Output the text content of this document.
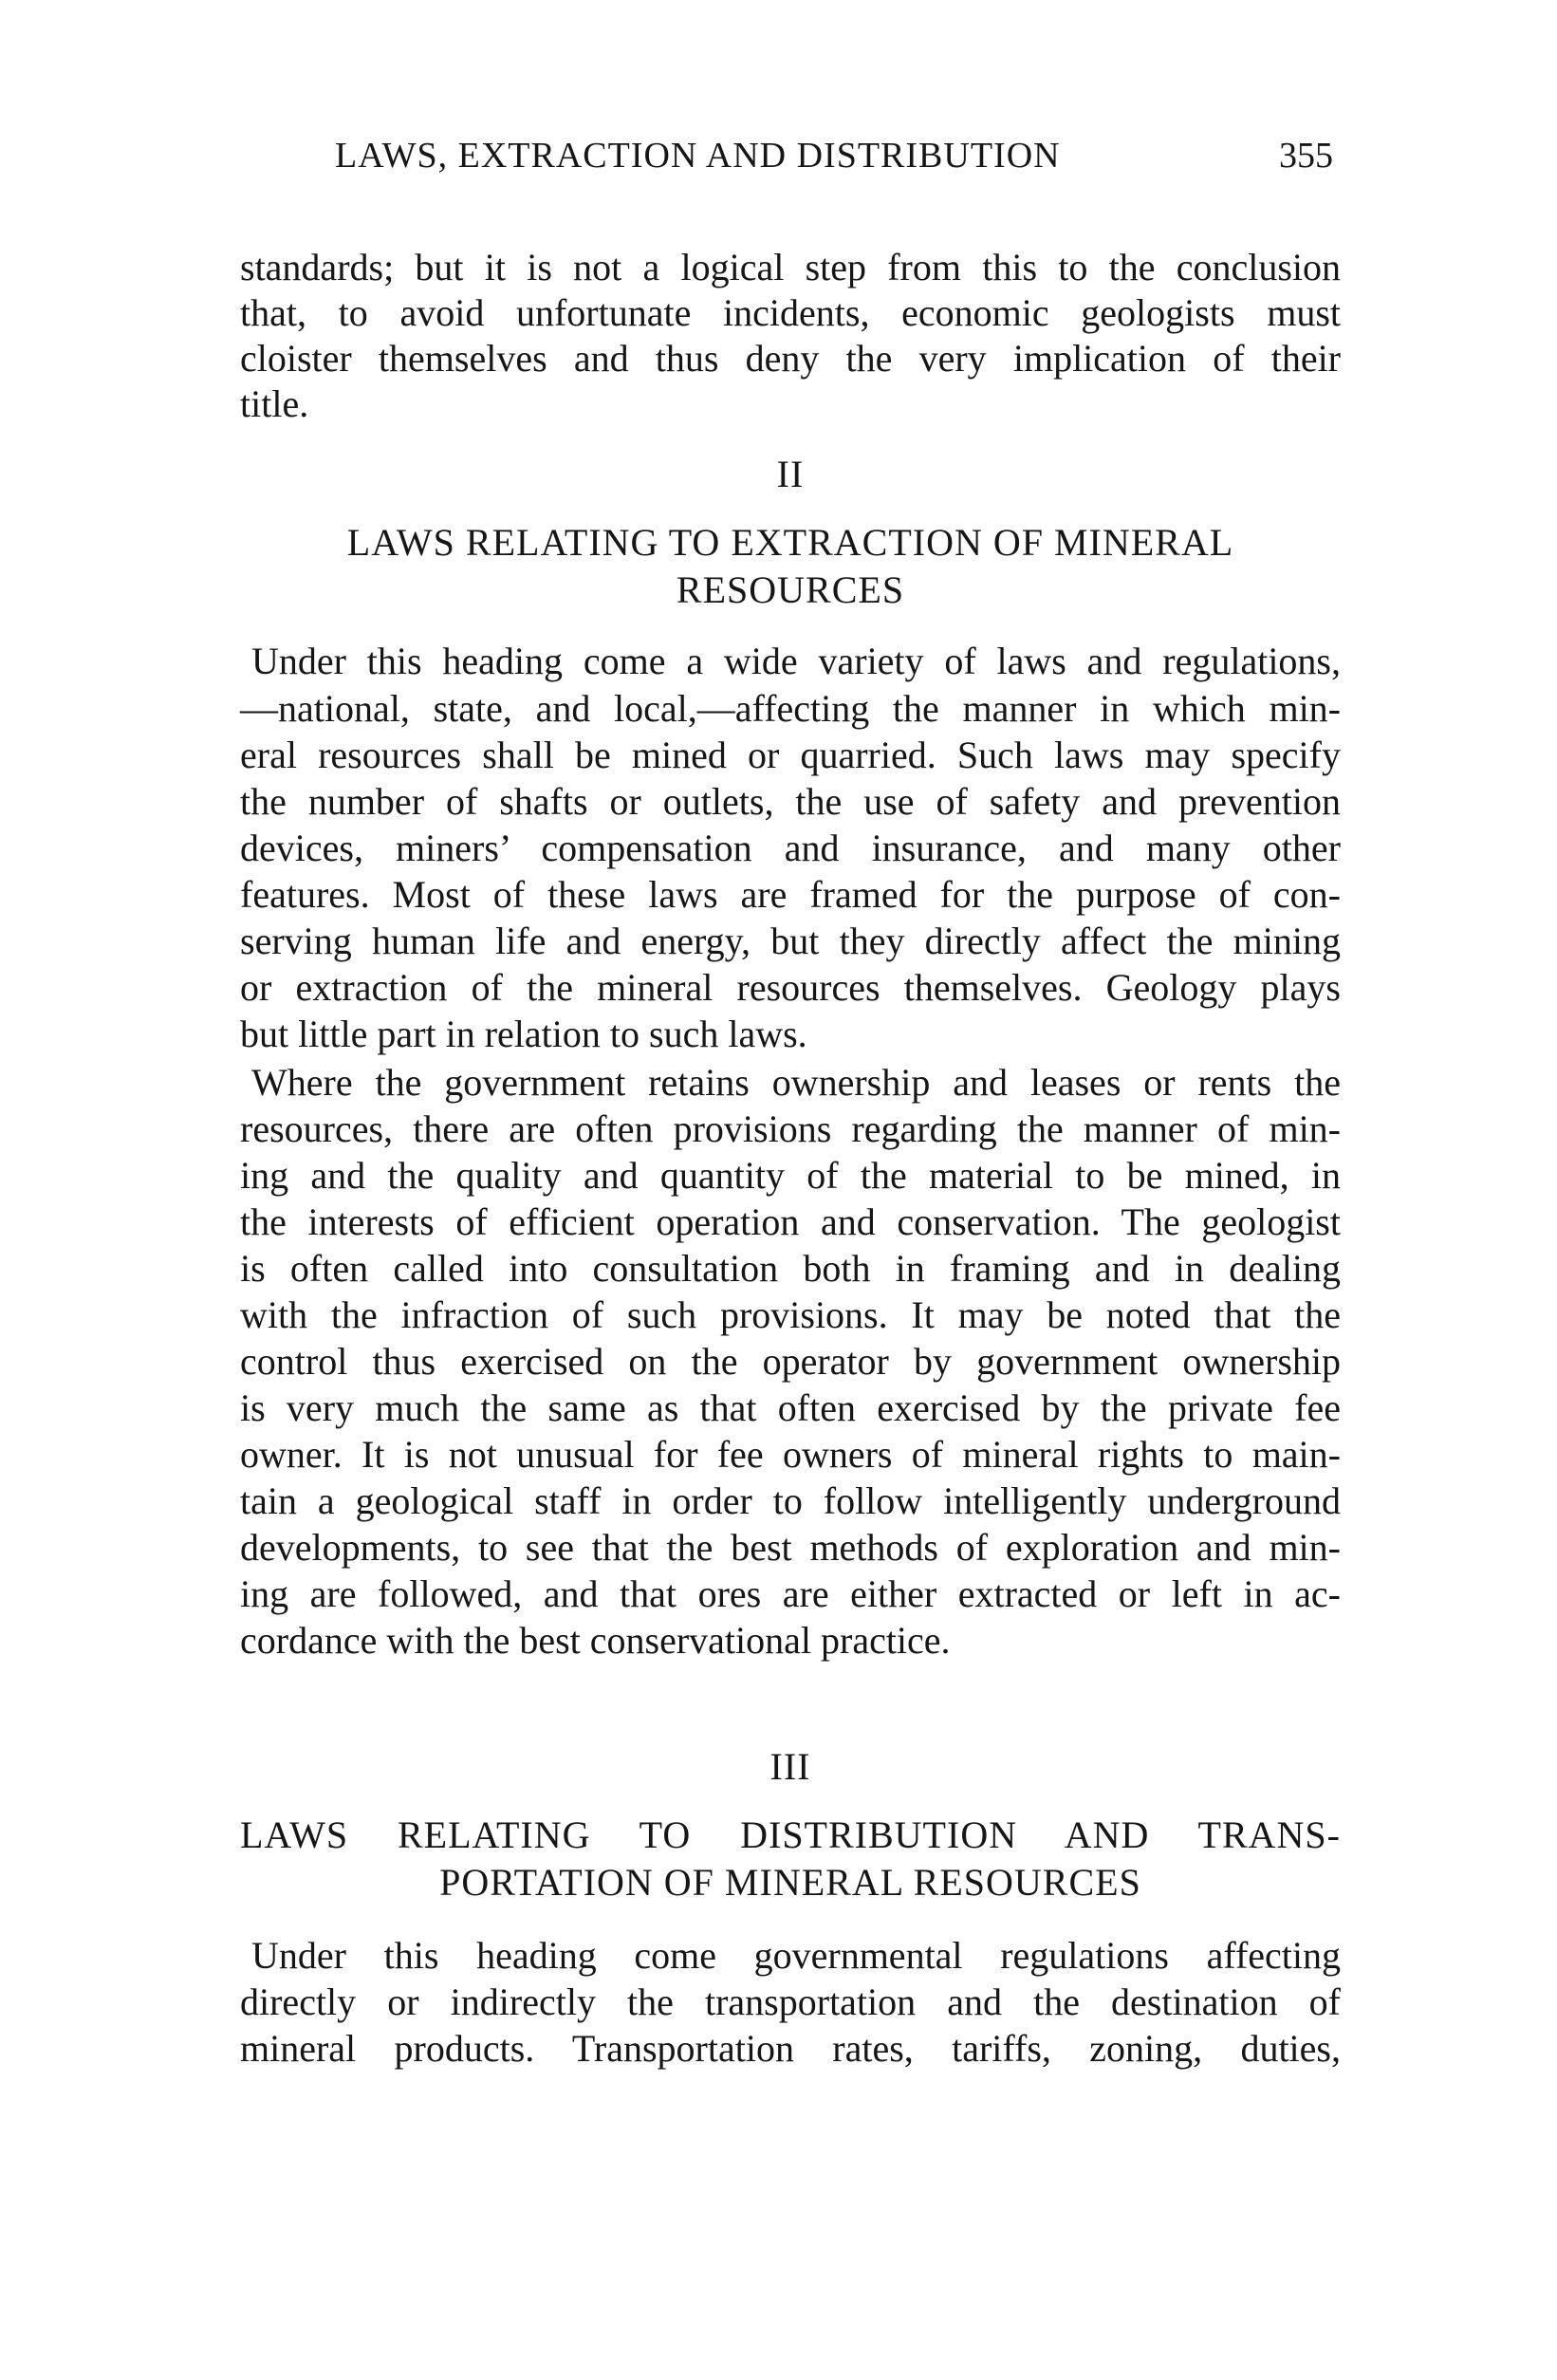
LAWS, EXTRACTION AND DISTRIBUTION	355
standards; but it is not a logical step from this to the conclusion
that, to avoid unfortunate incidents, economic geologists must
cloister themselves and thus deny the very implication of their
title.
II
LAWS RELATING TO EXTRACTION OF MINERAL
RESOURCES
Under this heading come a wide variety of laws and regulations,
—national, state, and local,—affecting the manner in which min-
eral resources shall be mined or quarried. Such laws may specify
the number of shafts or outlets, the use of safety and prevention
devices, miners’ compensation and insurance, and many other
features. Most of these laws are framed for the purpose of con-
serving human life and energy, but they directly affect the mining
or extraction of the mineral resources themselves. Geology plays
but little part in relation to such laws.
Where the government retains ownership and leases or rents the
resources, there are often provisions regarding the manner of min-
ing and the quality and quantity of the material to be mined, in
the interests of efficient operation and conservation. The geologist
is often called into consultation both in framing and in dealing
with the infraction of such provisions. It may be noted that the
control thus exercised on the operator by government ownership
is very much the same as that often exercised by the private fee
owner. It is not unusual for fee owners of mineral rights to main-
tain a geological staff in order to follow intelligently underground
developments, to see that the best methods of exploration and min-
ing are followed, and that ores are either extracted or left in ac-
cordance with the best conservational practice.
III
LAWS RELATING TO DISTRIBUTION AND TRANS-
PORTATION OF MINERAL RESOURCES
Under this heading come governmental regulations affecting
directly or indirectly the transportation and the destination of
mineral products. Transportation rates, tariffs, zoning, duties,
